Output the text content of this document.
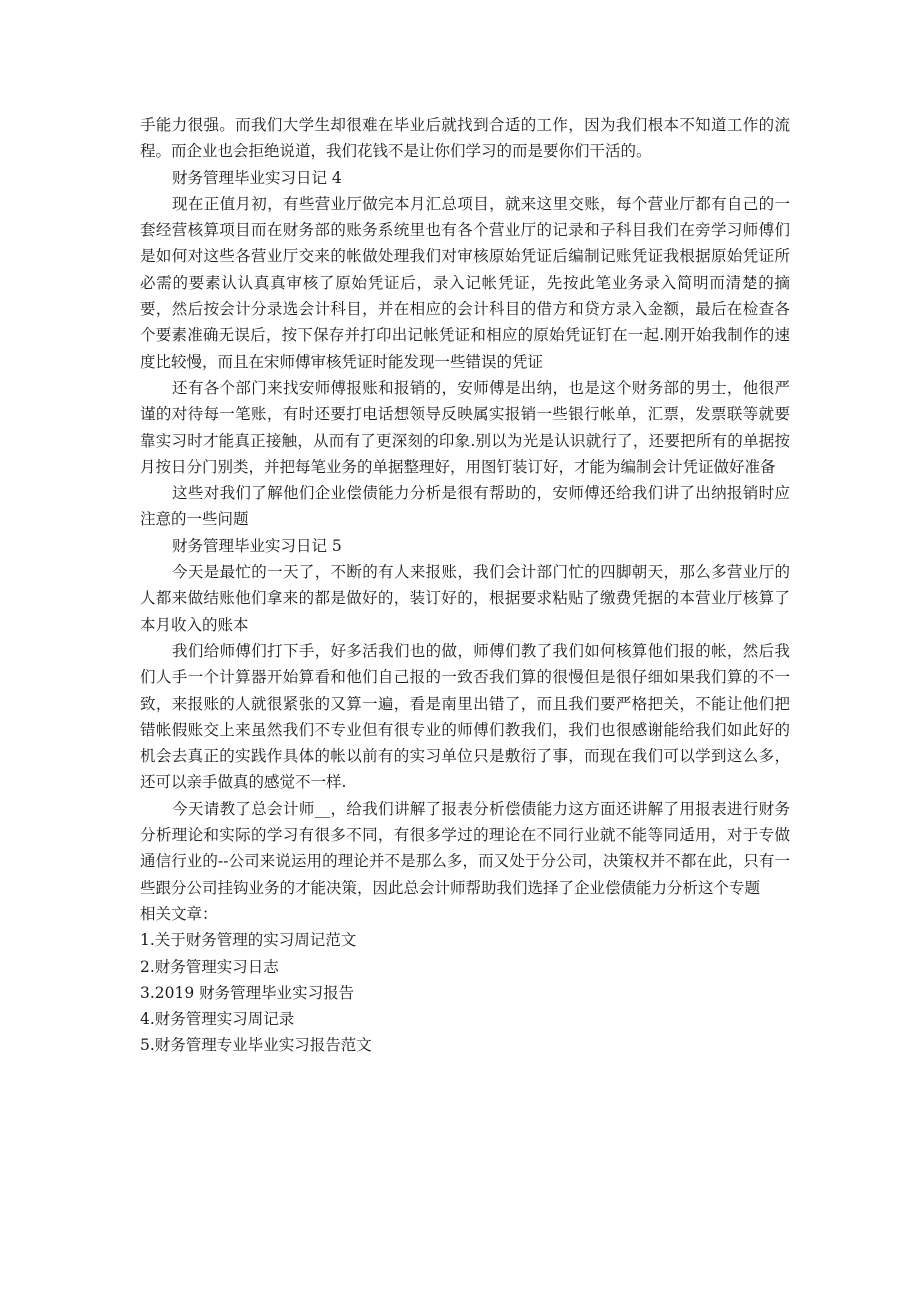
手能力很强。而我们大学生却很难在毕业后就找到合适的工作，因为我们根本不知道工作的流程。而企业也会拒绝说道，我们花钱不是让你们学习的而是要你们干活的。

财务管理毕业实习日记 4

现在正值月初，有些营业厅做完本月汇总项目，就来这里交账，每个营业厅都有自己的一套经营核算项目而在财务部的账务系统里也有各个营业厅的记录和子科目我们在旁学习师傅们是如何对这些各营业厅交来的帐做处理我们对审核原始凭证后编制记账凭证我根据原始凭证所必需的要素认认真真审核了原始凭证后，录入记帐凭证，先按此笔业务录入简明而清楚的摘要，然后按会计分录选会计科目，并在相应的会计科目的借方和贷方录入金额，最后在检查各个要素准确无误后，按下保存并打印出记帐凭证和相应的原始凭证钉在一起.刚开始我制作的速度比较慢，而且在宋师傅审核凭证时能发现一些错误的凭证

还有各个部门来找安师傅报账和报销的，安师傅是出纳，也是这个财务部的男士，他很严谨的对待每一笔账，有时还要打电话想领导反映属实报销一些银行帐单，汇票，发票联等就要靠实习时才能真正接触，从而有了更深刻的印象.别以为光是认识就行了，还要把所有的单据按月按日分门别类，并把每笔业务的单据整理好，用图钉装订好，才能为编制会计凭证做好准备

这些对我们了解他们企业偿债能力分析是很有帮助的，安师傅还给我们讲了出纳报销时应注意的一些问题

财务管理毕业实习日记 5

今天是最忙的一天了，不断的有人来报账，我们会计部门忙的四脚朝天，那么多营业厅的人都来做结账他们拿来的都是做好的，装订好的，根据要求粘贴了缴费凭据的本营业厅核算了本月收入的账本

我们给师傅们打下手，好多活我们也的做，师傅们教了我们如何核算他们报的帐，然后我们人手一个计算器开始算看和他们自己报的一致否我们算的很慢但是很仔细如果我们算的不一致，来报账的人就很紧张的又算一遍，看是南里出错了，而且我们要严格把关，不能让他们把错帐假账交上来虽然我们不专业但有很专业的师傅们教我们，我们也很感谢能给我们如此好的机会去真正的实践作具体的帐以前有的实习单位只是敷衍了事，而现在我们可以学到这么多，还可以亲手做真的感觉不一样.

今天请教了总会计师__，给我们讲解了报表分析偿债能力这方面还讲解了用报表进行财务分析理论和实际的学习有很多不同，有很多学过的理论在不同行业就不能等同适用，对于专做通信行业的--公司来说运用的理论并不是那么多，而又处于分公司，决策权并不都在此，只有一些跟分公司挂钩业务的才能决策，因此总会计师帮助我们选择了企业偿债能力分析这个专题

相关文章：

1.关于财务管理的实习周记范文
2.财务管理实习日志
3.2019 财务管理毕业实习报告
4.财务管理实习周记录
5.财务管理专业毕业实习报告范文
